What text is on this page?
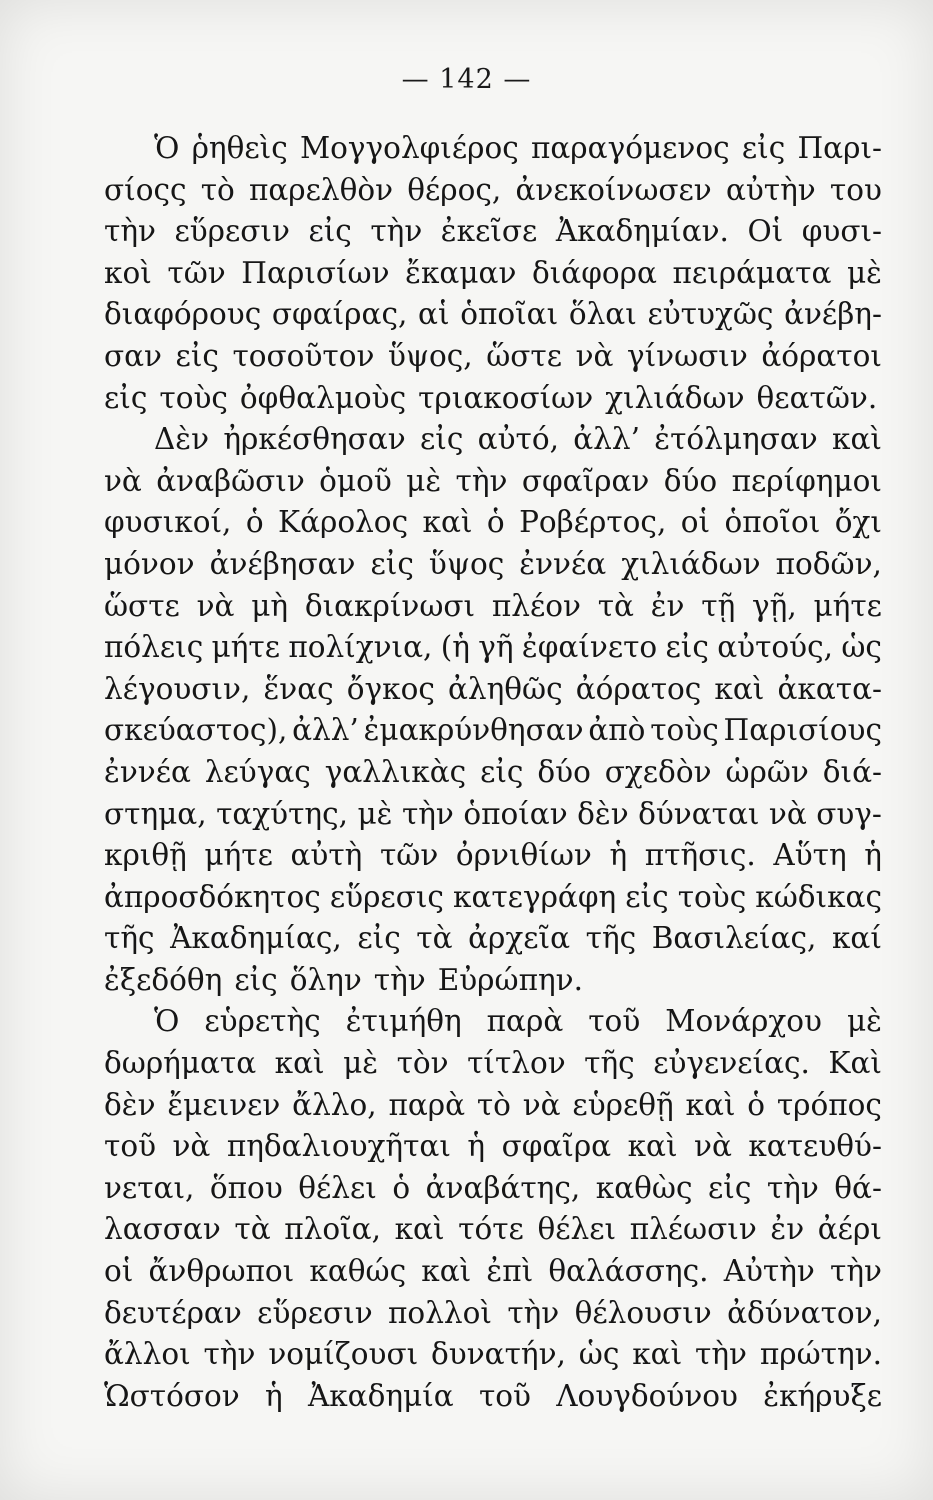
— 142 —
Ὁ ῥηθεὶς Μογγολφιέρος παραγόμενος εἰς Παρι-
σίοςς τὸ παρελθὸν θέρος, ἀνεκοίνωσεν αὐτὴν του
τὴν εὕρεσιν εἰς τὴν ἐκεῖσε Ἀκαδημίαν. Οἱ φυσι-
κοὶ τῶν Παρισίων ἔκαμαν διάφορα πειράματα μὲ
διαφόρους σφαίρας, αἱ ὁποῖαι ὅλαι εὐτυχῶς ἀνέβη-
σαν εἰς τοσοῦτον ὕψος, ὥστε νὰ γίνωσιν ἀόρατοι
εἰς τοὺς ὀφθαλμοὺς τριακοσίων χιλιάδων θεατῶν.
Δὲν ἠρκέσθησαν εἰς αὐτό, ἀλλ’ ἐτόλμησαν καὶ
νὰ ἀναβῶσιν ὁμοῦ μὲ τὴν σφαῖραν δύο περίφημοι
φυσικοί, ὁ Κάρολος καὶ ὁ Ροβέρτος, οἱ ὁποῖοι ὄχι
μόνον ἀνέβησαν εἰς ὕψος ἐννέα χιλιάδων ποδῶν,
ὥστε νὰ μὴ διακρίνωσι πλέον τὰ ἐν τῇ γῇ, μήτε
πόλεις μήτε πολίχνια, (ἡ γῆ ἐφαίνετο εἰς αὐτούς, ὡς
λέγουσιν, ἕνας ὄγκος ἀληθῶς ἀόρατος καὶ ἀκατα-
σκεύαστος), ἀλλ’ ἐμακρύνθησαν ἀπὸ τοὺς Παρισίους
ἐννέα λεύγας γαλλικὰς εἰς δύο σχεδὸν ὡρῶν διά-
στημα, ταχύτης, μὲ τὴν ὁποίαν δὲν δύναται νὰ συγ-
κριθῇ μήτε αὐτὴ τῶν ὀρνιθίων ἡ πτῆσις. Αὕτη ἡ
ἀπροσδόκητος εὕρεσις κατεγράφη εἰς τοὺς κώδικας
τῆς Ἀκαδημίας, εἰς τὰ ἀρχεῖα τῆς Βασιλείας, καί
ἐξεδόθη εἰς ὅλην τὴν Εὐρώπην.
Ὁ εὑρετὴς ἐτιμήθη παρὰ τοῦ Μονάρχου μὲ
δωρήματα καὶ μὲ τὸν τίτλον τῆς εὐγενείας. Καὶ
δὲν ἔμεινεν ἄλλο, παρὰ τὸ νὰ εὑρεθῇ καὶ ὁ τρόπος
τοῦ νὰ πηδαλιουχῆται ἡ σφαῖρα καὶ νὰ κατευθύ-
νεται, ὅπου θέλει ὁ ἀναβάτης, καθὼς εἰς τὴν θά-
λασσαν τὰ πλοῖα, καὶ τότε θέλει πλέωσιν ἐν ἀέρι
οἱ ἄνθρωποι καθώς καὶ ἐπὶ θαλάσσης. Αὐτὴν τὴν
δευτέραν εὕρεσιν πολλοὶ τὴν θέλουσιν ἀδύνατον,
ἄλλοι τὴν νομίζουσι δυνατήν, ὡς καὶ τὴν πρώτην.
Ὡστόσον ἡ Ἀκαδημία τοῦ Λουγδούνου ἐκήρυξε
